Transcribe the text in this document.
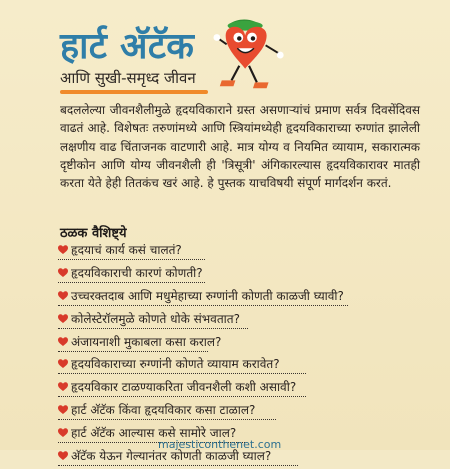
हार्ट अ‍ॅटॅक
आणि सुखी-समृध्द जीवन
बदललेल्या जीवनशैलीमुळे हृदयविकाराने ग्रस्त असणाऱ्यांचं प्रमाण सर्वत्र दिवसेंदिवस वाढतं आहे. विशेषतः तरुणांमध्ये आणि स्त्रियांमध्येही हृदयविकाराच्या रुग्णांत झालेली लक्षणीय वाढ चिंताजनक वाटणारी आहे. मात्र योग्य व नियमित व्यायाम, सकारात्मक दृष्टीकोन आणि योग्य जीवनशैली ही 'त्रिसूत्री' अंगिकारल्यास हृदयविकारावर मातही करता येते हेही तितकंच खरं आहे. हे पुस्तक याचविषयी संपूर्ण मार्गदर्शन करतं.
ठळक वैशिष्ट्ये
हृदयाचं कार्य कसं चालतं?
हृदयविकाराची कारणं कोणती?
उच्चरक्तदाब आणि मधुमेहाच्या रुग्णांनी कोणती काळजी घ्यावी?
कोलेस्टेरॉलमुळे कोणते धोके संभवतात?
अंजायनाशी मुकाबला कसा कराल?
हृदयविकाराच्या रुग्णांनी कोणते व्यायाम करावेत?
हृदयविकार टाळण्याकरिता जीवनशैली कशी असावी?
हार्ट अ‍ॅटॅक किंवा हृदयविकार कसा टाळाल?
हार्ट अ‍ॅटॅक आल्यास कसे सामोरे जाल?
अ‍ॅटॅक येऊन गेल्यानंतर कोणती काळजी घ्याल?
majesticonthenet.com
